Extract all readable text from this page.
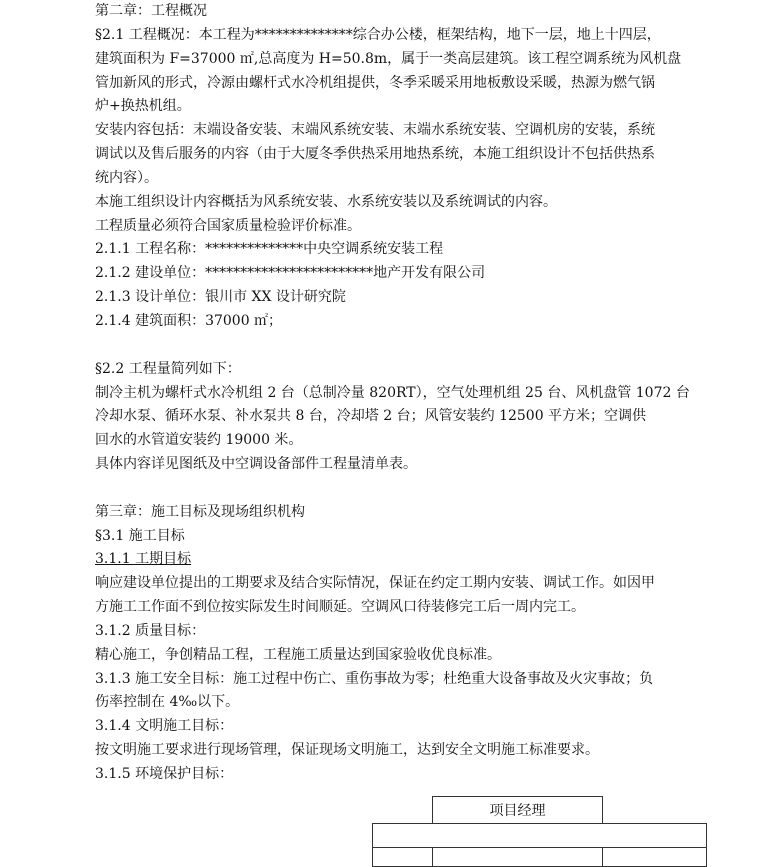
第二章：工程概况
§2.1 工程概况：本工程为**************综合办公楼，框架结构，地下一层，地上十四层，
建筑面积为 F=37000 ㎡,总高度为 H=50.8m，属于一类高层建筑。该工程空调系统为风机盘
管加新风的形式，冷源由螺杆式水冷机组提供，冬季采暖采用地板敷设采暖，热源为燃气锅
炉+换热机组。
安装内容包括：末端设备安装、末端风系统安装、末端水系统安装、空调机房的安装，系统
调试以及售后服务的内容（由于大厦冬季供热采用地热系统，本施工组织设计不包括供热系
统内容）。
本施工组织设计内容概括为风系统安装、水系统安装以及系统调试的内容。
工程质量必须符合国家质量检验评价标准。
2.1.1 工程名称：**************中央空调系统安装工程
2.1.2 建设单位：************************地产开发有限公司
2.1.3 设计单位：银川市 XX 设计研究院
2.1.4 建筑面积：37000 ㎡；
§2.2 工程量简列如下：
制冷主机为螺杆式水冷机组 2 台（总制冷量 820RT），空气处理机组 25 台、风机盘管 1072 台
冷却水泵、循环水泵、补水泵共 8 台，冷却塔 2 台；风管安装约 12500 平方米；空调供
回水的水管道安装约 19000 米。
具体内容详见图纸及中空调设备部件工程量清单表。
第三章：施工目标及现场组织机构
§3.1 施工目标
3.1.1 工期目标
响应建设单位提出的工期要求及结合实际情况，保证在约定工期内安装、调试工作。如因甲
方施工工作面不到位按实际发生时间顺延。空调风口待装修完工后一周内完工。
3.1.2 质量目标：
精心施工，争创精品工程，工程施工质量达到国家验收优良标准。
3.1.3 施工安全目标：施工过程中伤亡、重伤事故为零；杜绝重大设备事故及火灾事故；负
伤率控制在 4‰以下。
3.1.4 文明施工目标：
按文明施工要求进行现场管理，保证现场文明施工，达到安全文明施工标准要求。
3.1.5 环境保护目标：
	项目经理		
